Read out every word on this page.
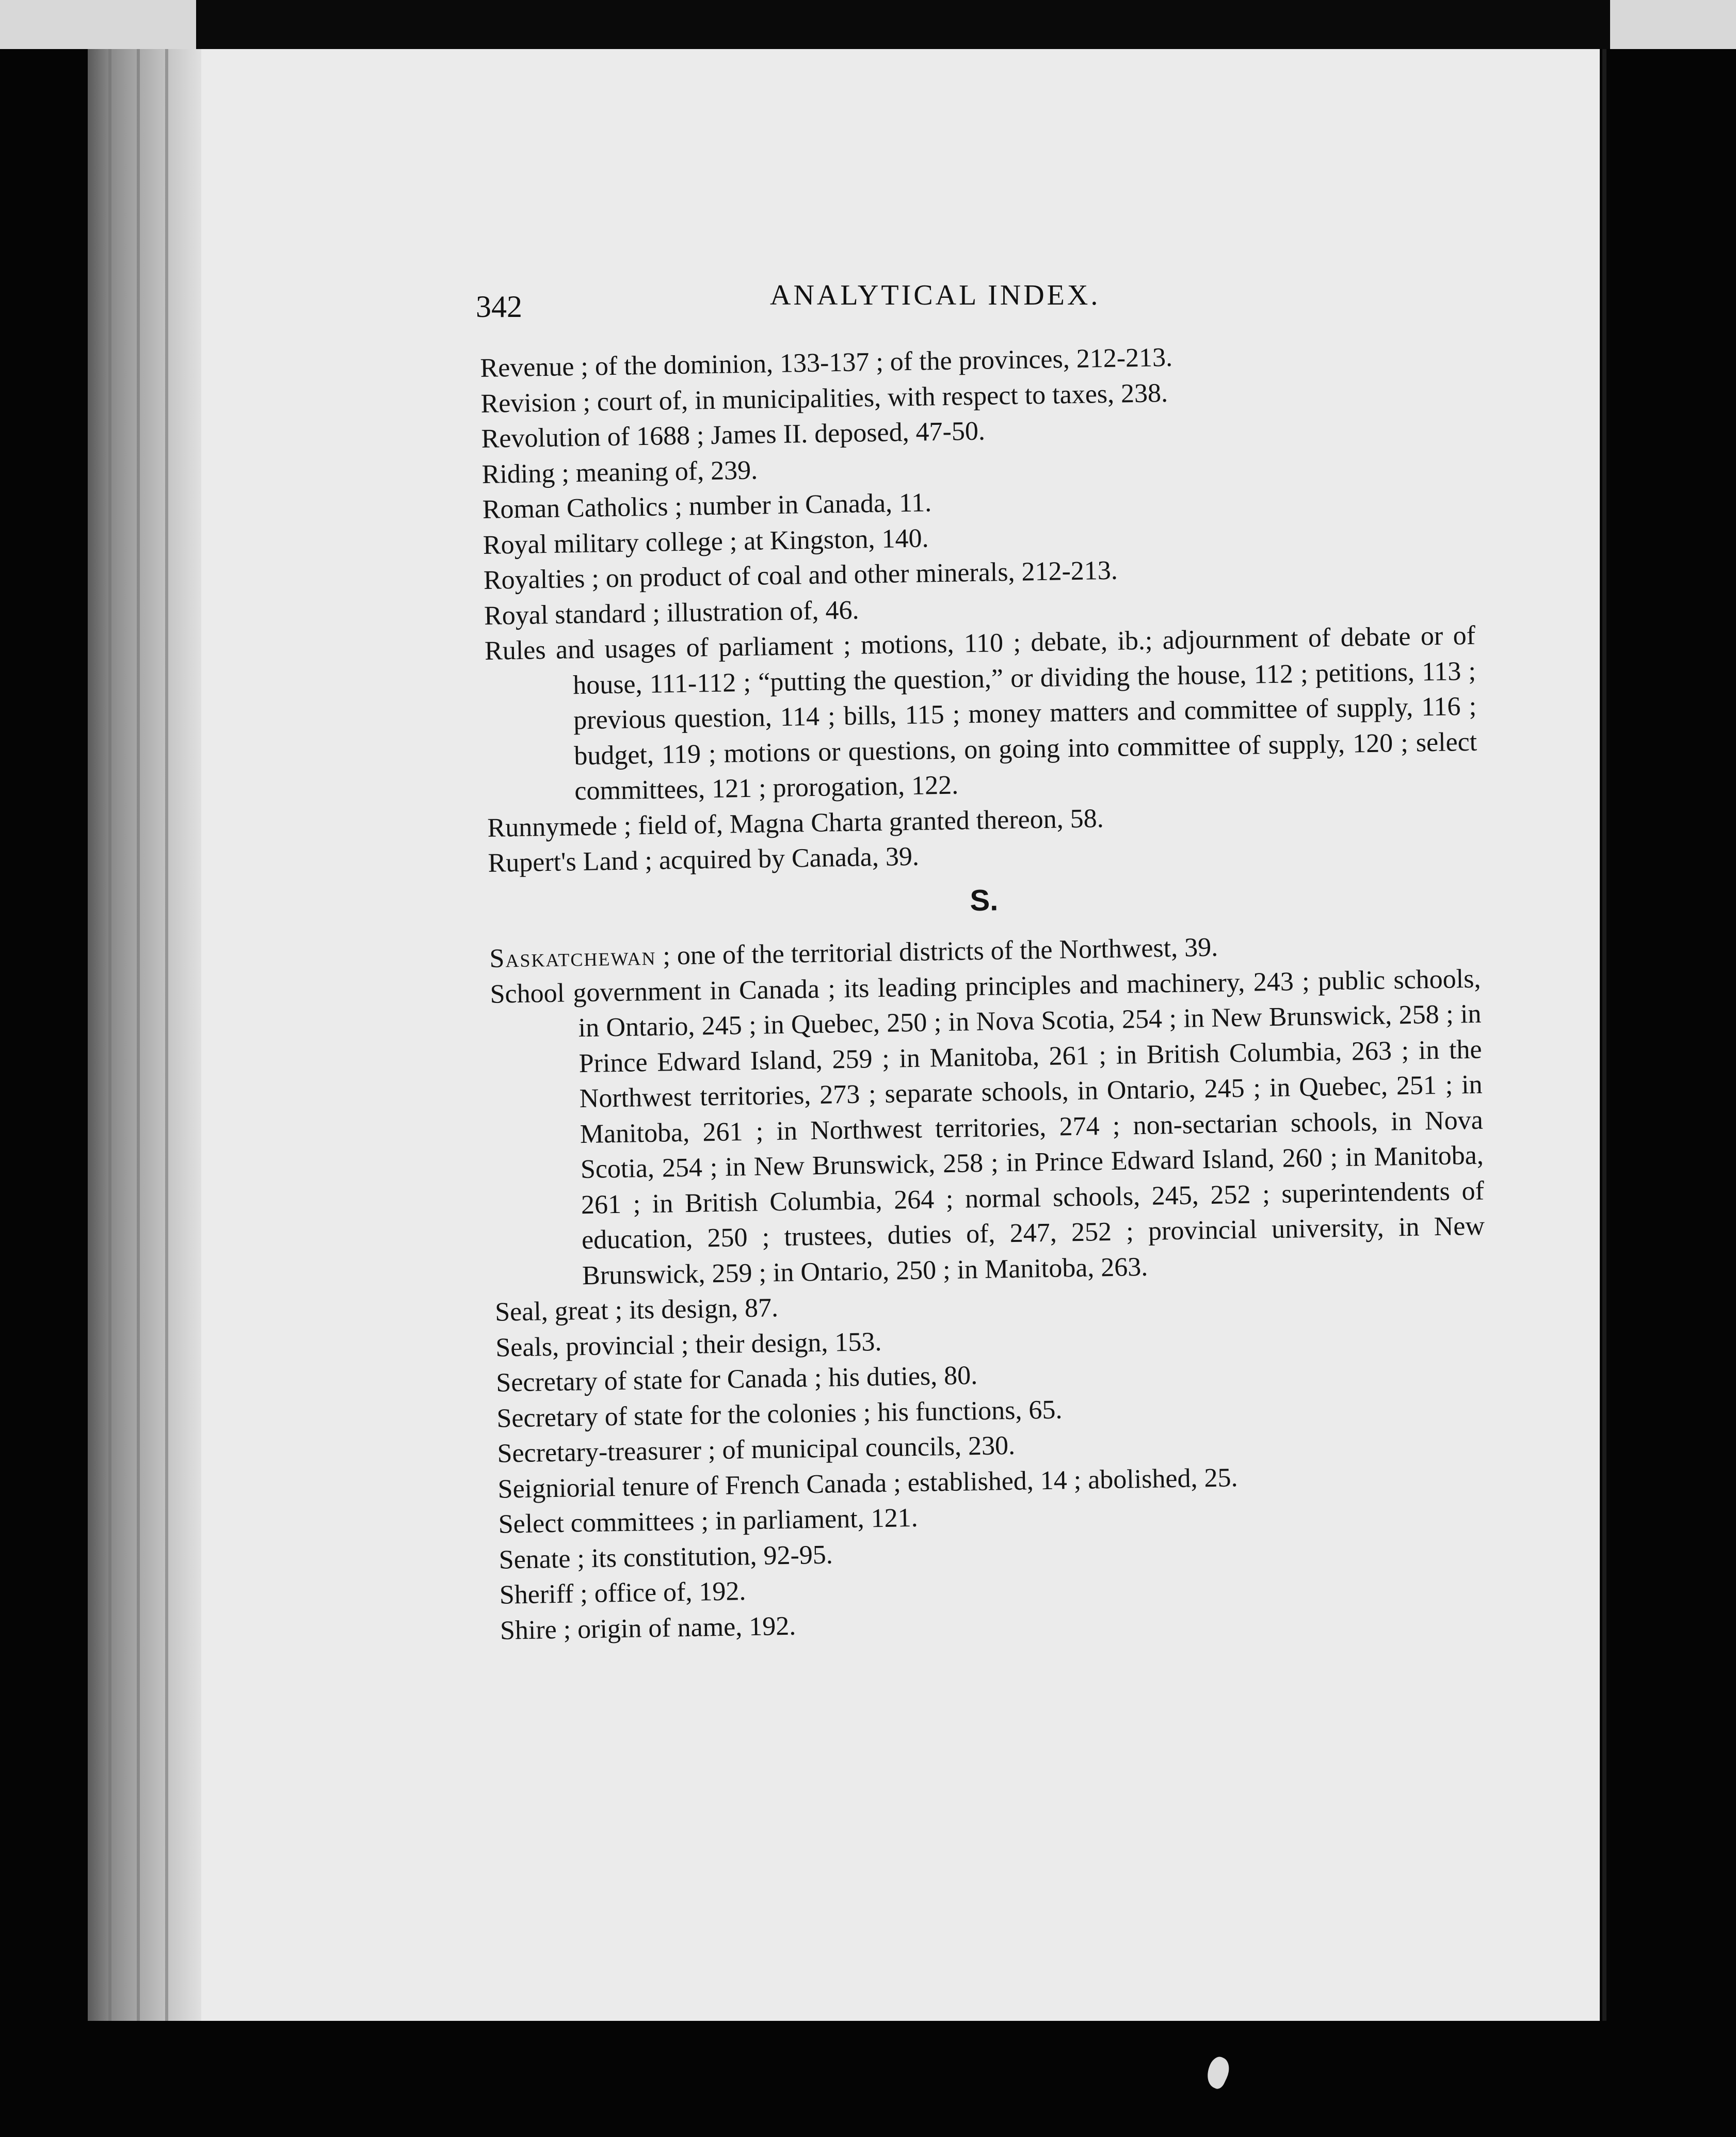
342	ANALYTICAL INDEX.

Revenue ; of the dominion, 133-137 ; of the provinces, 212-213.

Revision ; court of, in municipalities, with respect to taxes, 238.

Revolution of 1688 ; James II. deposed, 47-50.

Riding ; meaning of, 239.

Roman Catholics ; number in Canada, 11.

Royal military college ; at Kingston, 140.

Royalties ; on product of coal and other minerals, 212-213.

Royal standard ; illustration of, 46.

Rules and usages of parliament ; motions, 110 ; debate, ib.; adjournment of debate or of house, 111-112 ; “putting the question,” or dividing the house, 112 ; petitions, 113 ; previous question, 114 ; bills, 115 ; money matters and committee of supply, 116 ; budget, 119 ; motions or questions, on going into committee of supply, 120 ; select committees, 121 ; prorogation, 122.

Runnymede ; field of, Magna Charta granted thereon, 58.

Rupert's Land ; acquired by Canada, 39.

S.

Saskatchewan ; one of the territorial districts of the Northwest, 39.

School government in Canada ; its leading principles and machinery, 243 ; public schools, in Ontario, 245 ; in Quebec, 250 ; in Nova Scotia, 254 ; in New Brunswick, 258 ; in Prince Edward Island, 259 ; in Manitoba, 261 ; in British Columbia, 263 ; in the Northwest territories, 273 ; separate schools, in Ontario, 245 ; in Quebec, 251 ; in Manitoba, 261 ; in Northwest territories, 274 ; non-sectarian schools, in Nova Scotia, 254 ; in New Brunswick, 258 ; in Prince Edward Island, 260 ; in Manitoba, 261 ; in British Columbia, 264 ; normal schools, 245, 252 ; superintendents of education, 250 ; trustees, duties of, 247, 252 ; provincial university, in New Brunswick, 259 ; in Ontario, 250 ; in Manitoba, 263.

Seal, great ; its design, 87.

Seals, provincial ; their design, 153.

Secretary of state for Canada ; his duties, 80.

Secretary of state for the colonies ; his functions, 65.

Secretary-treasurer ; of municipal councils, 230.

Seigniorial tenure of French Canada ; established, 14 ; abolished, 25.

Select committees ; in parliament, 121.

Senate ; its constitution, 92-95.

Sheriff ; office of, 192.

Shire ; origin of name, 192.
